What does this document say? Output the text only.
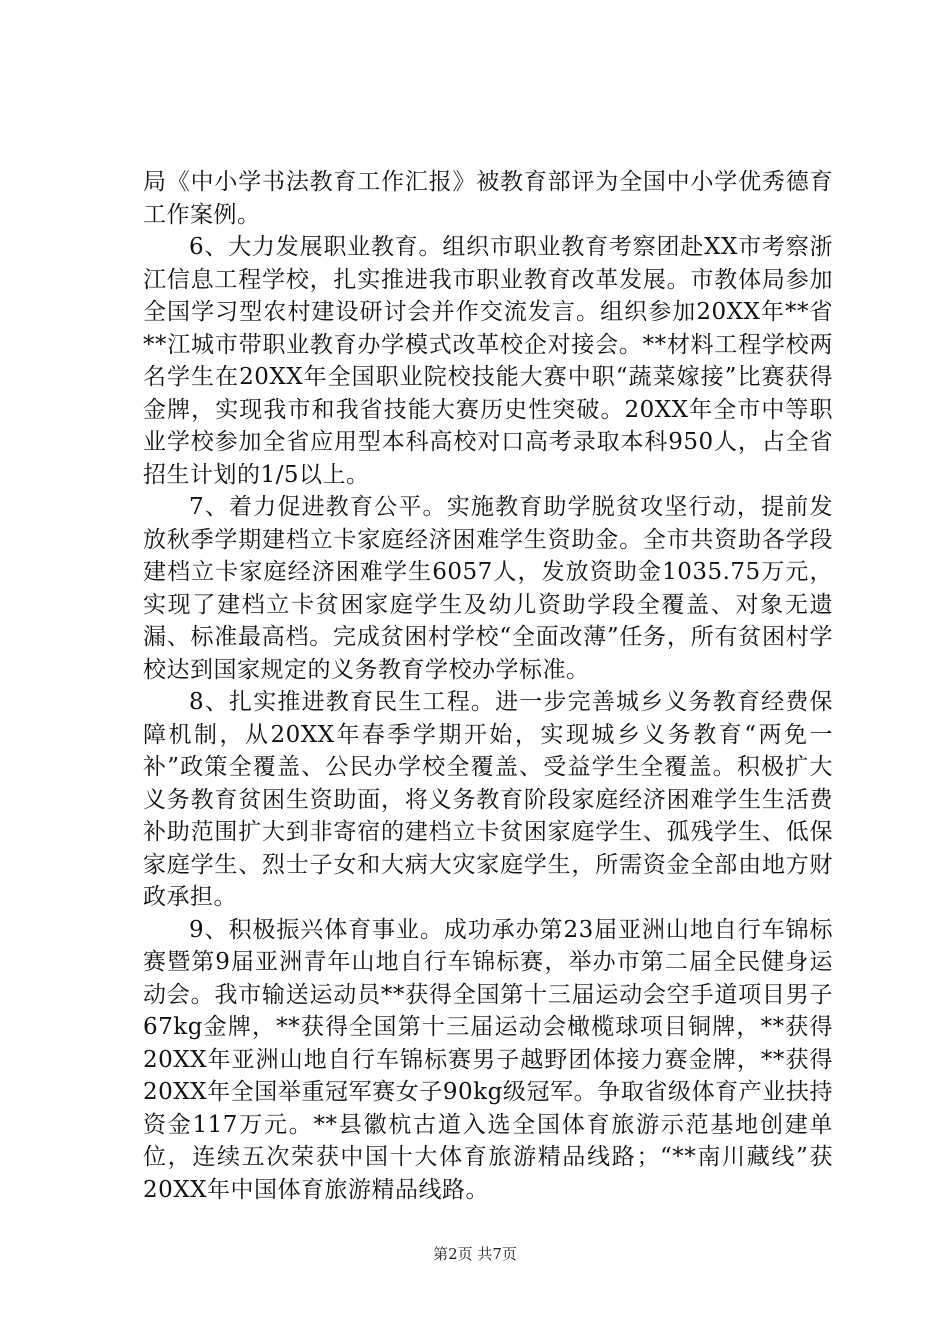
局《中小学书法教育工作汇报》被教育部评为全国中小学优秀德育工作案例。

6、大力发展职业教育。组织市职业教育考察团赴XX市考察浙江信息工程学校，扎实推进我市职业教育改革发展。市教体局参加全国学习型农村建设研讨会并作交流发言。组织参加20XX年**省**江城市带职业教育办学模式改革校企对接会。**材料工程学校两名学生在20XX年全国职业院校技能大赛中职“蔬菜嫁接”比赛获得金牌，实现我市和我省技能大赛历史性突破。20XX年全市中等职业学校参加全省应用型本科高校对口高考录取本科950人，占全省招生计划的1/5以上。

7、着力促进教育公平。实施教育助学脱贫攻坚行动，提前发放秋季学期建档立卡家庭经济困难学生资助金。全市共资助各学段建档立卡家庭经济困难学生6057人，发放资助金1035.75万元，实现了建档立卡贫困家庭学生及幼儿资助学段全覆盖、对象无遗漏、标准最高档。完成贫困村学校“全面改薄”任务，所有贫困村学校达到国家规定的义务教育学校办学标准。

8、扎实推进教育民生工程。进一步完善城乡义务教育经费保障机制，从20XX年春季学期开始，实现城乡义务教育“两免一补”政策全覆盖、公民办学校全覆盖、受益学生全覆盖。积极扩大义务教育贫困生资助面，将义务教育阶段家庭经济困难学生生活费补助范围扩大到非寄宿的建档立卡贫困家庭学生、孤残学生、低保家庭学生、烈士子女和大病大灾家庭学生，所需资金全部由地方财政承担。

9、积极振兴体育事业。成功承办第23届亚洲山地自行车锦标赛暨第9届亚洲青年山地自行车锦标赛，举办市第二届全民健身运动会。我市输送运动员**获得全国第十三届运动会空手道项目男子67kg金牌，**获得全国第十三届运动会橄榄球项目铜牌，**获得20XX年亚洲山地自行车锦标赛男子越野团体接力赛金牌，**获得20XX年全国举重冠军赛女子90kg级冠军。争取省级体育产业扶持资金117万元。**县徽杭古道入选全国体育旅游示范基地创建单位，连续五次荣获中国十大体育旅游精品线路；“**南川藏线”获20XX年中国体育旅游精品线路。

第2页 共7页
